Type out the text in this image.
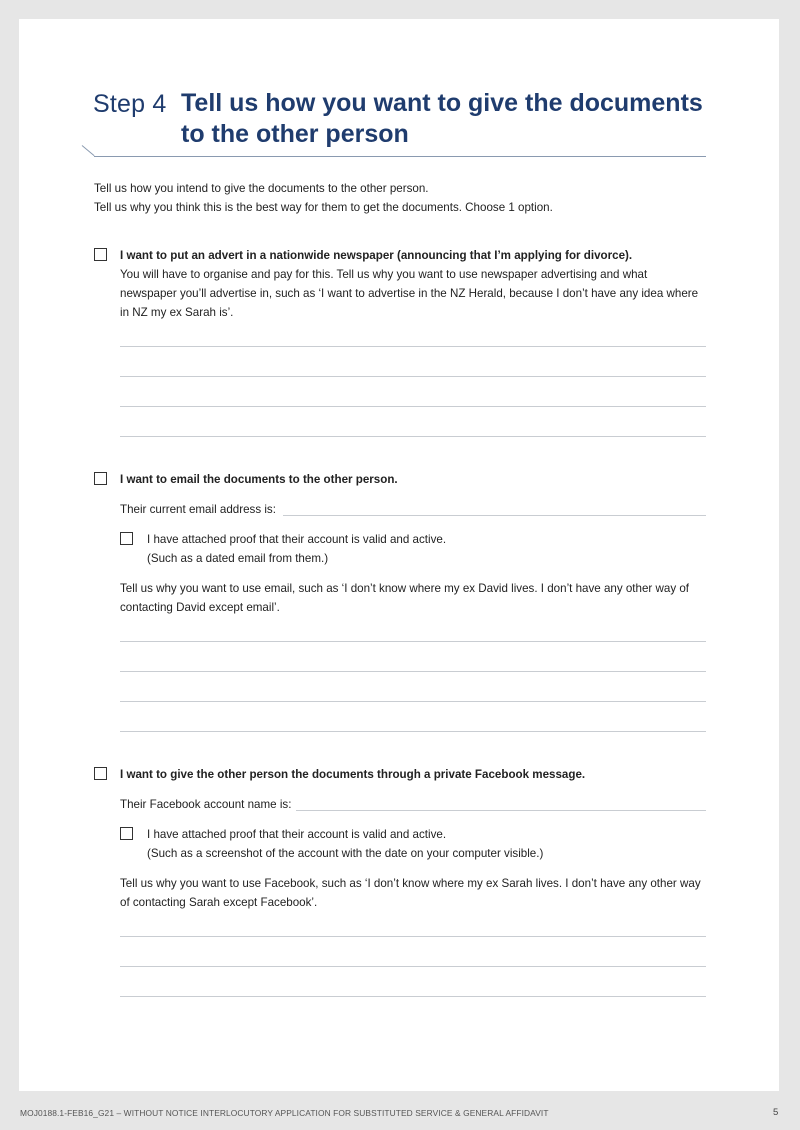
Step 4 Tell us how you want to give the documents
to the other person
Tell us how you intend to give the documents to the other person.
Tell us why you think this is the best way for them to get the documents. Choose 1 option.
I want to put an advert in a nationwide newspaper (announcing that I’m applying for divorce).
You will have to organise and pay for this. Tell us why you want to use newspaper advertising and what
newspaper you’ll advertise in, such as ‘I want to advertise in the NZ Herald, because I don’t have any idea where
in NZ my ex Sarah is’.
I want to email the documents to the other person.
Their current email address is:
I have attached proof that their account is valid and active.
(Such as a dated email from them.)
Tell us why you want to use email, such as ‘I don’t know where my ex David lives. I don’t have any other way of
contacting David except email’.
I want to give the other person the documents through a private Facebook message.
Their Facebook account name is:
I have attached proof that their account is valid and active.
(Such as a screenshot of the account with the date on your computer visible.)
Tell us why you want to use Facebook, such as ‘I don’t know where my ex Sarah lives. I don’t have any other way
of contacting Sarah except Facebook’.
MOJ0188.1-FEB16_G21 – WITHOUT NOTICE INTERLOCUTORY APPLICATION FOR SUBSTITUTED SERVICE & GENERAL AFFIDAVIT	5
